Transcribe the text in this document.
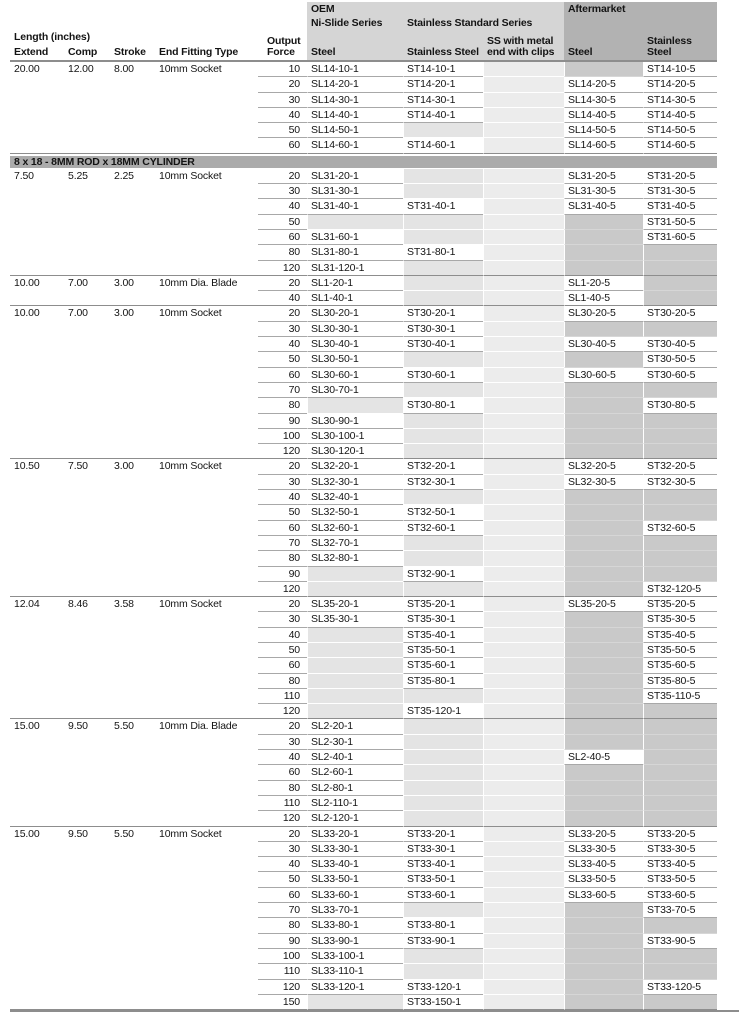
Length (inches)
					OEM			Aftermarket	
					Ni-Slide Series	Stainless Standard Series			
Extend	Comp	Stroke	End Fitting Type	Output Force	Steel	Stainless Steel	SS with metal end with clips	Steel	Stainless Steel
20.00	12.00	8.00	10mm Socket	10	SL14-10-1	ST14-10-1			ST14-10-5
				20	SL14-20-1	ST14-20-1		SL14-20-5	ST14-20-5
				30	SL14-30-1	ST14-30-1		SL14-30-5	ST14-30-5
				40	SL14-40-1	ST14-40-1		SL14-40-5	ST14-40-5
				50	SL14-50-1			SL14-50-5	ST14-50-5
				60	SL14-60-1	ST14-60-1		SL14-60-5	ST14-60-5
8 x 18 - 8MM ROD x 18MM CYLINDER									
7.50	5.25	2.25	10mm Socket	20	SL31-20-1			SL31-20-5	ST31-20-5
				30	SL31-30-1			SL31-30-5	ST31-30-5
				40	SL31-40-1	ST31-40-1		SL31-40-5	ST31-40-5
				50					ST31-50-5
				60	SL31-60-1				ST31-60-5
				80	SL31-80-1	ST31-80-1			
				120	SL31-120-1				
10.00	7.00	3.00	10mm Dia. Blade	20	SL1-20-1			SL1-20-5	
				40	SL1-40-1			SL1-40-5	
10.00	7.00	3.00	10mm Socket	20	SL30-20-1	ST30-20-1		SL30-20-5	ST30-20-5
				30	SL30-30-1	ST30-30-1			
				40	SL30-40-1	ST30-40-1		SL30-40-5	ST30-40-5
				50	SL30-50-1				ST30-50-5
				60	SL30-60-1	ST30-60-1		SL30-60-5	ST30-60-5
				70	SL30-70-1				
				80		ST30-80-1			ST30-80-5
				90	SL30-90-1				
				100	SL30-100-1				
				120	SL30-120-1				
10.50	7.50	3.00	10mm Socket	20	SL32-20-1	ST32-20-1		SL32-20-5	ST32-20-5
				30	SL32-30-1	ST32-30-1		SL32-30-5	ST32-30-5
				40	SL32-40-1				
				50	SL32-50-1	ST32-50-1			
				60	SL32-60-1	ST32-60-1			ST32-60-5
				70	SL32-70-1				
				80	SL32-80-1				
				90		ST32-90-1			
				120					ST32-120-5
12.04	8.46	3.58	10mm Socket	20	SL35-20-1	ST35-20-1		SL35-20-5	ST35-20-5
				30	SL35-30-1	ST35-30-1			ST35-30-5
				40		ST35-40-1			ST35-40-5
				50		ST35-50-1			ST35-50-5
				60		ST35-60-1			ST35-60-5
				80		ST35-80-1			ST35-80-5
				110					ST35-110-5
				120		ST35-120-1			
15.00	9.50	5.50	10mm Dia. Blade	20	SL2-20-1				
				30	SL2-30-1				
				40	SL2-40-1			SL2-40-5	
				60	SL2-60-1				
				80	SL2-80-1				
				110	SL2-110-1				
				120	SL2-120-1				
15.00	9.50	5.50	10mm Socket	20	SL33-20-1	ST33-20-1		SL33-20-5	ST33-20-5
				30	SL33-30-1	ST33-30-1		SL33-30-5	ST33-30-5
				40	SL33-40-1	ST33-40-1		SL33-40-5	ST33-40-5
				50	SL33-50-1	ST33-50-1		SL33-50-5	ST33-50-5
				60	SL33-60-1	ST33-60-1		SL33-60-5	ST33-60-5
				70	SL33-70-1				ST33-70-5
				80	SL33-80-1	ST33-80-1			
				90	SL33-90-1	ST33-90-1			ST33-90-5
				100	SL33-100-1				
				110	SL33-110-1				
				120	SL33-120-1	ST33-120-1			ST33-120-5
				150		ST33-150-1			
